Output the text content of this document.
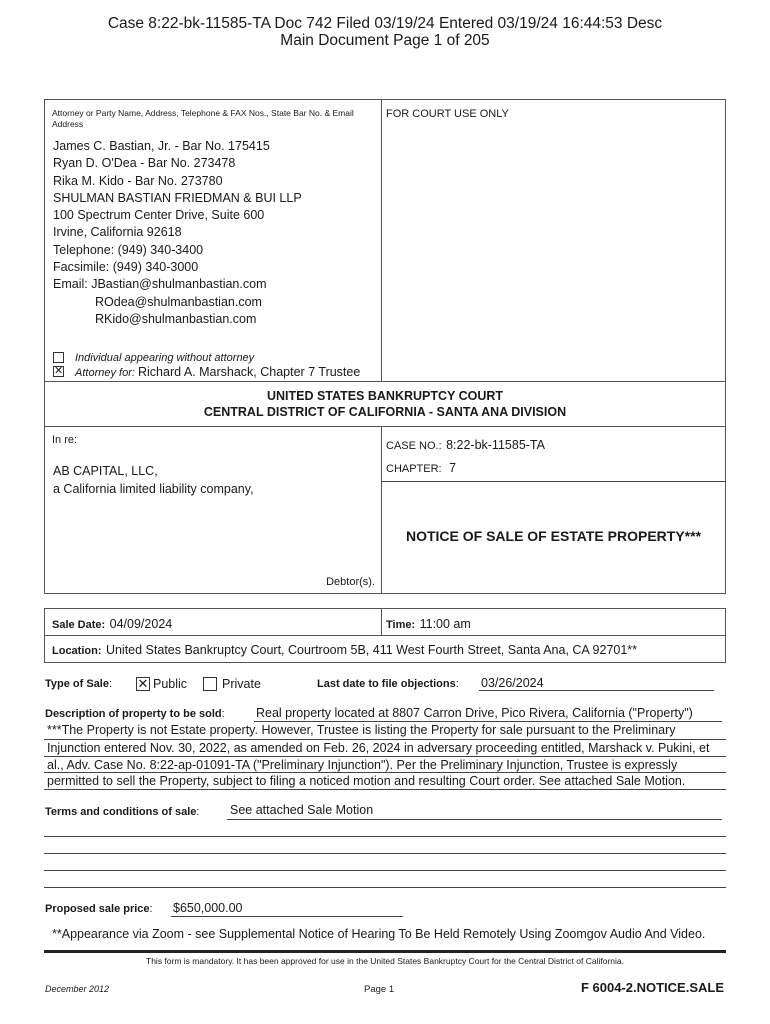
Case 8:22-bk-11585-TA Doc 742 Filed 03/19/24 Entered 03/19/24 16:44:53 Desc
Main Document Page 1 of 205
Attorney or Party Name, Address, Telephone & FAX Nos., State Bar No. & Email Address
FOR COURT USE ONLY
James C. Bastian, Jr. - Bar No. 175415
Ryan D. O'Dea - Bar No. 273478
Rika M. Kido - Bar No. 273780
SHULMAN BASTIAN FRIEDMAN & BUI LLP
100 Spectrum Center Drive, Suite 600
Irvine, California 92618
Telephone: (949) 340-3400
Facsimile: (949) 340-3000
Email: JBastian@shulmanbastian.com
RОdea@shulmanbastian.com
RKido@shulmanbastian.com
Individual appearing without attorney
✕ Attorney for: Richard A. Marshack, Chapter 7 Trustee
UNITED STATES BANKRUPTCY COURT
CENTRAL DISTRICT OF CALIFORNIA - SANTA ANA DIVISION
In re:
AB CAPITAL, LLC,
a California limited liability company,
Debtor(s).
CASE NO.: 8:22-bk-11585-TA
CHAPTER: 7
NOTICE OF SALE OF ESTATE PROPERTY***
Sale Date: 04/09/2024	Time: 11:00 am
Location: United States Bankruptcy Court, Courtroom 5B, 411 West Fourth Street, Santa Ana, CA 92701**
Type of Sale: ✕ Public	Private	Last date to file objections: 03/26/2024
Description of property to be sold:	Real property located at 8807 Carron Drive, Pico Rivera, California ("Property")
***The Property is not Estate property. However, Trustee is listing the Property for sale pursuant to the Preliminary
Injunction entered Nov. 30, 2022, as amended on Feb. 26, 2024 in adversary proceeding entitled, Marshack v. Pukini, et
al., Adv. Case No. 8:22-ap-01091-TA ("Preliminary Injunction"). Per the Preliminary Injunction, Trustee is expressly
permitted to sell the Property, subject to filing a noticed motion and resulting Court order. See attached Sale Motion.
Terms and conditions of sale: See attached Sale Motion
Proposed sale price: $650,000.00
**Appearance via Zoom - see Supplemental Notice of Hearing To Be Held Remotely Using Zoomgov Audio And Video.
This form is mandatory. It has been approved for use in the United States Bankruptcy Court for the Central District of California.
December 2012	Page 1	F 6004-2.NOTICE.SALE
